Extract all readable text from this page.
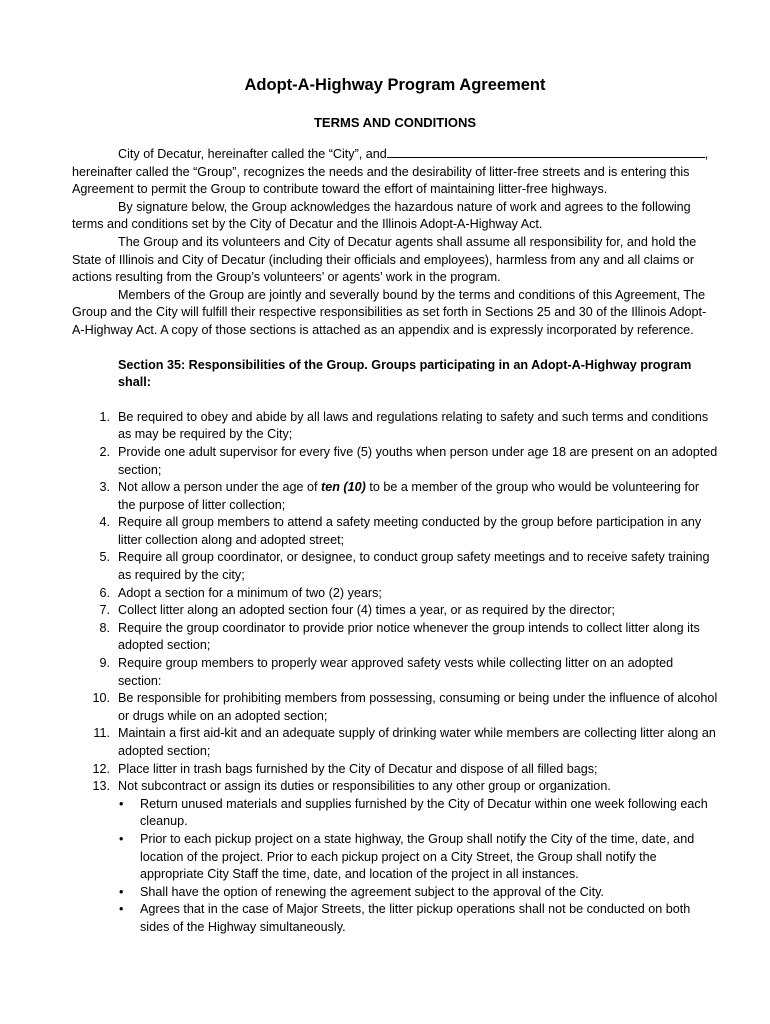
Adopt-A-Highway Program Agreement
TERMS AND CONDITIONS

City of Decatur, hereinafter called the “City”, and	, hereinafter called the “Group”, recognizes the needs and the desirability of litter-free streets and is entering this Agreement to permit the Group to contribute toward the effort of maintaining litter-free highways.

By signature below, the Group acknowledges the hazardous nature of work and agrees to the following terms and conditions set by the City of Decatur and the Illinois Adopt-A-Highway Act.

The Group and its volunteers and City of Decatur agents shall assume all responsibility for, and hold the State of Illinois and City of Decatur (including their officials and employees), harmless from any and all claims or actions resulting from the Group’s volunteers’ or agents’ work in the program.

Members of the Group are jointly and severally bound by the terms and conditions of this Agreement, The Group and the City will fulfill their respective responsibilities as set forth in Sections 25 and 30 of the Illinois Adopt-A-Highway Act. A copy of those sections is attached as an appendix and is expressly incorporated by reference.

Section 35: Responsibilities of the Group. Groups participating in an Adopt-A-Highway program shall:

1. Be required to obey and abide by all laws and regulations relating to safety and such terms and conditions as may be required by the City;
2. Provide one adult supervisor for every five (5) youths when person under age 18 are present on an adopted section;
3. Not allow a person under the age of ten (10) to be a member of the group who would be volunteering for the purpose of litter collection;
4. Require all group members to attend a safety meeting conducted by the group before participation in any litter collection along and adopted street;
5. Require all group coordinator, or designee, to conduct group safety meetings and to receive safety training as required by the city;
6. Adopt a section for a minimum of two (2) years;
7. Collect litter along an adopted section four (4) times a year, or as required by the director;
8. Require the group coordinator to provide prior notice whenever the group intends to collect litter along its adopted section;
9. Require group members to properly wear approved safety vests while collecting litter on an adopted section:
10. Be responsible for prohibiting members from possessing, consuming or being under the influence of alcohol or drugs while on an adopted section;
11. Maintain a first aid-kit and an adequate supply of drinking water while members are collecting litter along an adopted section;
12. Place litter in trash bags furnished by the City of Decatur and dispose of all filled bags;
13. Not subcontract or assign its duties or responsibilities to any other group or organization.
• Return unused materials and supplies furnished by the City of Decatur within one week following each cleanup.
• Prior to each pickup project on a state highway, the Group shall notify the City of the time, date, and location of the project. Prior to each pickup project on a City Street, the Group shall notify the appropriate City Staff the time, date, and location of the project in all instances.
• Shall have the option of renewing the agreement subject to the approval of the City.
• Agrees that in the case of Major Streets, the litter pickup operations shall not be conducted on both sides of the Highway simultaneously.
